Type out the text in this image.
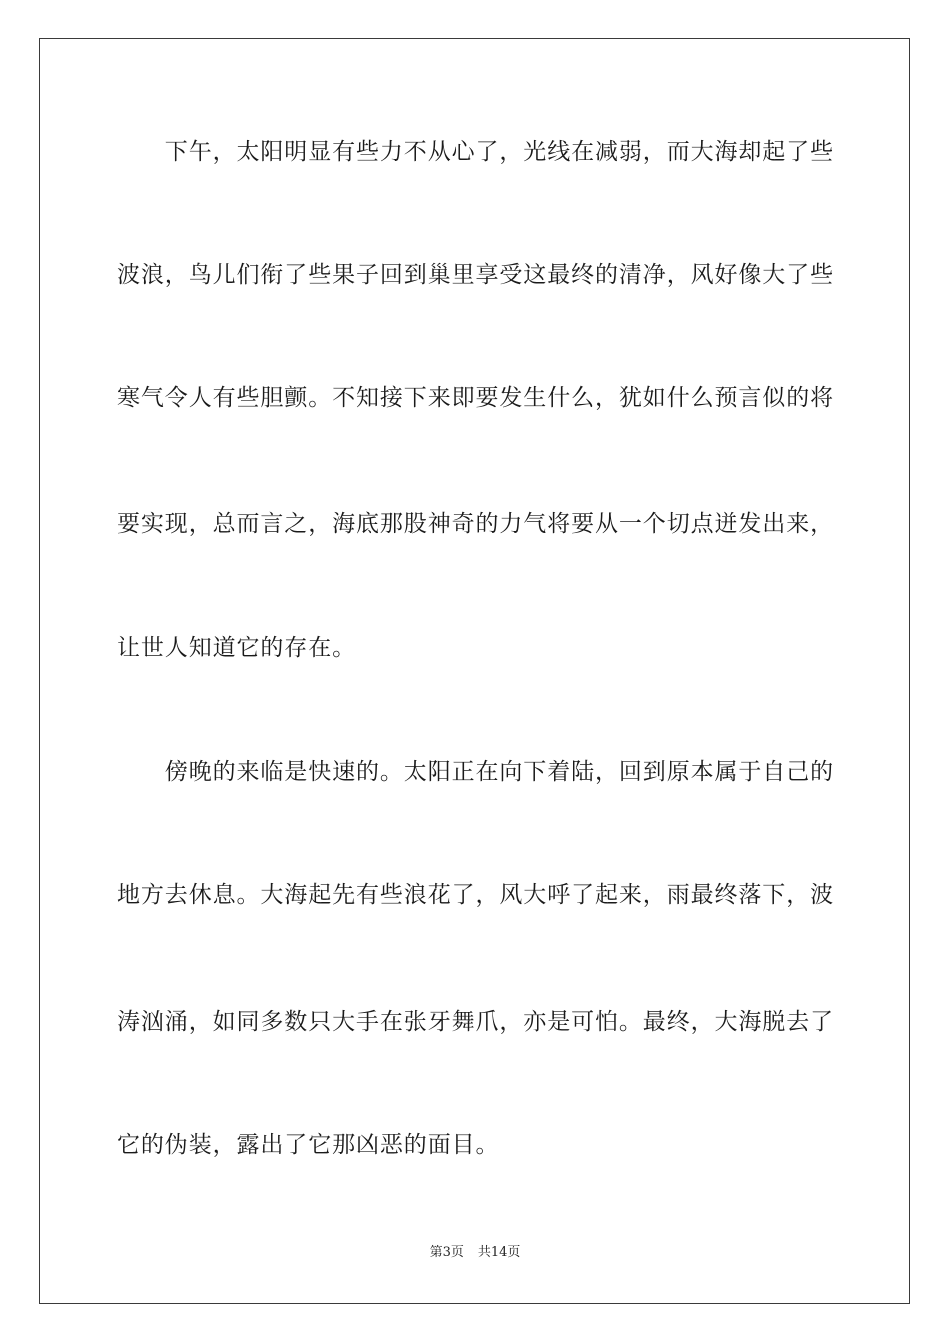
　　下午，太阳明显有些力不从心了，光线在减弱，而大海却起了些
波浪，鸟儿们衔了些果子回到巢里享受这最终的清净，风好像大了些
寒气令人有些胆颤。不知接下来即要发生什么，犹如什么预言似的将
要实现，总而言之，海底那股神奇的力气将要从一个切点迸发出来，
让世人知道它的存在。
　　傍晚的来临是快速的。太阳正在向下着陆，回到原本属于自己的
地方去休息。大海起先有些浪花了，风大呼了起来，雨最终落下，波
涛汹涌，如同多数只大手在张牙舞爪，亦是可怕。最终，大海脱去了
它的伪装，露出了它那凶恶的面目。
第3页 共14页
